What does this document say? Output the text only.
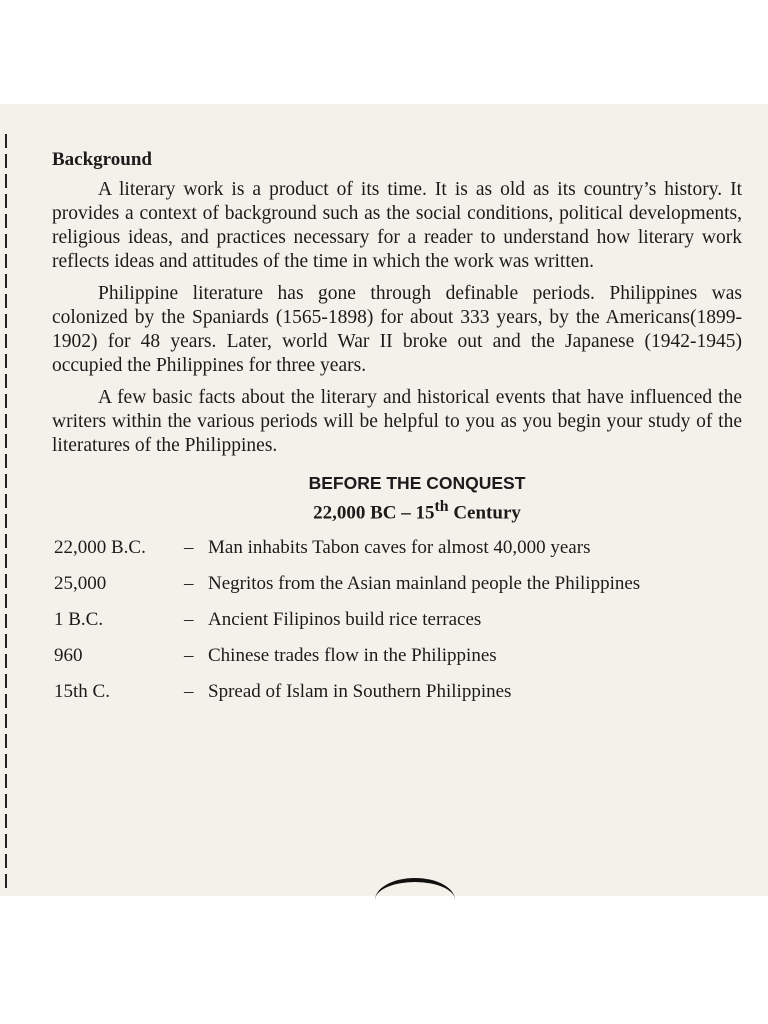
Background

A literary work is a product of its time. It is as old as its country’s history. It provides a context of background such as the social conditions, political developments, religious ideas, and practices necessary for a reader to understand how literary work reflects ideas and attitudes of the time in which the work was written.

Philippine literature has gone through definable periods. Philippines was colonized by the Spaniards (1565-1898) for about 333 years, by the Americans(1899-1902) for 48 years. Later, world War II broke out and the Japanese (1942-1945) occupied the Philippines for three years.

A few basic facts about the literary and historical events that have influenced the writers within the various periods will be helpful to you as you begin your study of the literatures of the Philippines.

BEFORE THE CONQUEST
22,000 BC – 15th Century
22,000 B.C.	– Man inhabits Tabon caves for almost 40,000 years
25,000	– Negritos from the Asian mainland people the Philippines
1 B.C.	– Ancient Filipinos build rice terraces
960	– Chinese trades flow in the Philippines
15th C.	– Spread of Islam in Southern Philippines
